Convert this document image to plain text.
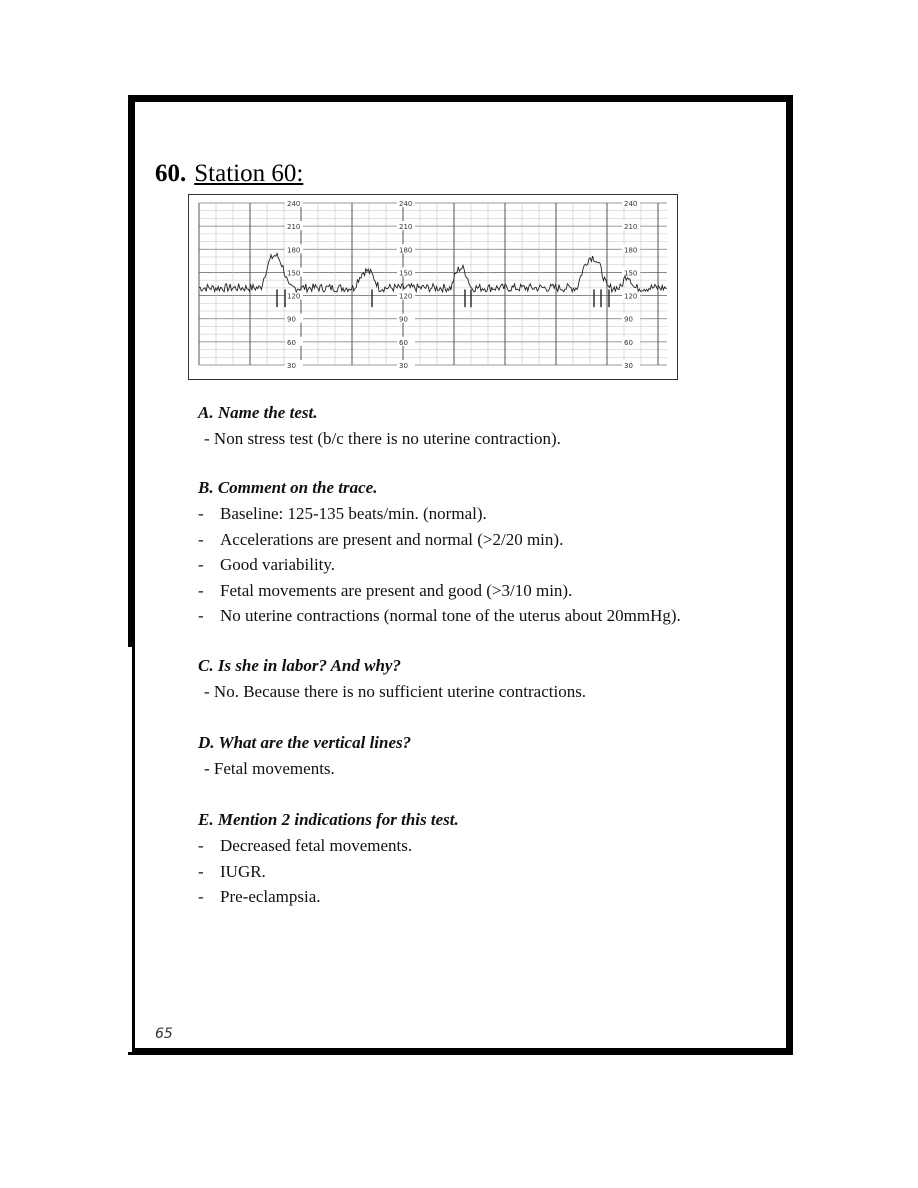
60. Station 60:
240
210
180
150
120
90
60
30
240
210
180
150
120
90
60
30
240
210
180
150
120
90
60
30
A. Name the test.
- Non stress test (b/c there is no uterine contraction).
B. Comment on the trace.
- Baseline: 125-135 beats/min. (normal).
- Accelerations are present and normal (>2/20 min).
- Good variability.
- Fetal movements are present and good (>3/10 min).
- No uterine contractions (normal tone of the uterus about 20mmHg).
C. Is she in labor? And why?
- No. Because there is no sufficient uterine contractions.
D. What are the vertical lines?
- Fetal movements.
E. Mention 2 indications for this test.
- Decreased fetal movements.
- IUGR.
- Pre-eclampsia.
65
